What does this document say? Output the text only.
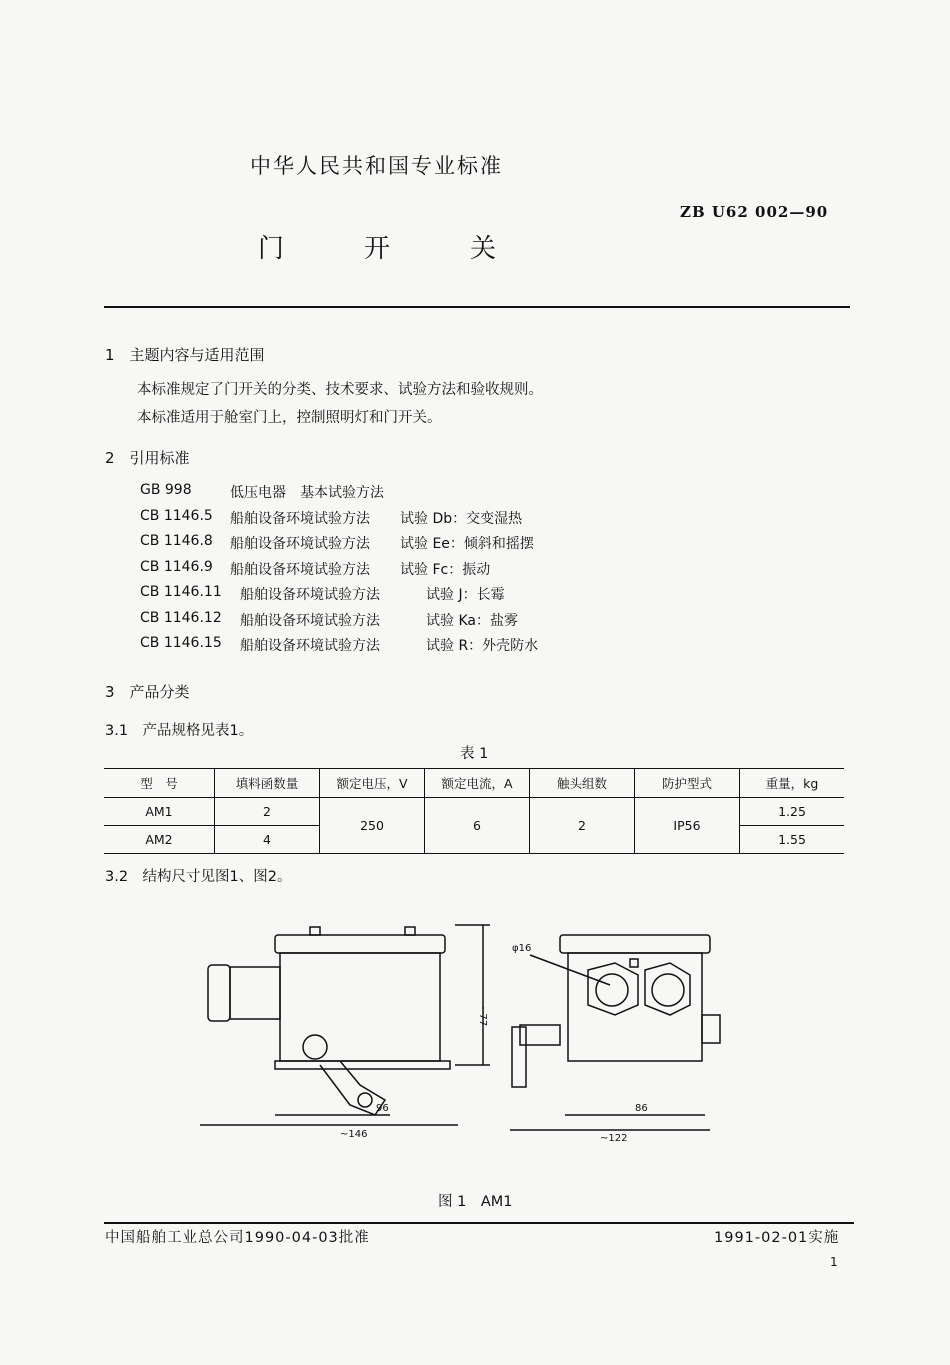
中华人民共和国专业标准
ZB U62 002—90
门	开	关
1　主题内容与适用范围
本标准规定了门开关的分类、技术要求、试验方法和验收规则。
本标准适用于舱室门上，控制照明灯和门开关。
2　引用标准
GB 998	低压电器　基本试验方法
CB 1146.5	船舶设备环境试验方法	试验 Db：交变湿热
CB 1146.8	船舶设备环境试验方法	试验 Ee：倾斜和摇摆
CB 1146.9	船舶设备环境试验方法	试验 Fc：振动
CB 1146.11	船舶设备环境试验方法	试验 J：长霉
CB 1146.12	船舶设备环境试验方法	试验 Ka：盐雾
CB 1146.15	船舶设备环境试验方法	试验 R：外壳防水
3　产品分类
3.1　产品规格见表1。
表 1
型　号	填料函数量	额定电压，V	额定电流，A	触头组数	防护型式	重量，kg
AM1	2	250	6	2	IP56	1.25
AM2	4					1.55
3.2　结构尺寸见图1、图2。
~146
96
~77
φ16
86
~122
图 1　AM1
中国船舶工业总公司1990-04-03批准	1991-02-01实施
1
